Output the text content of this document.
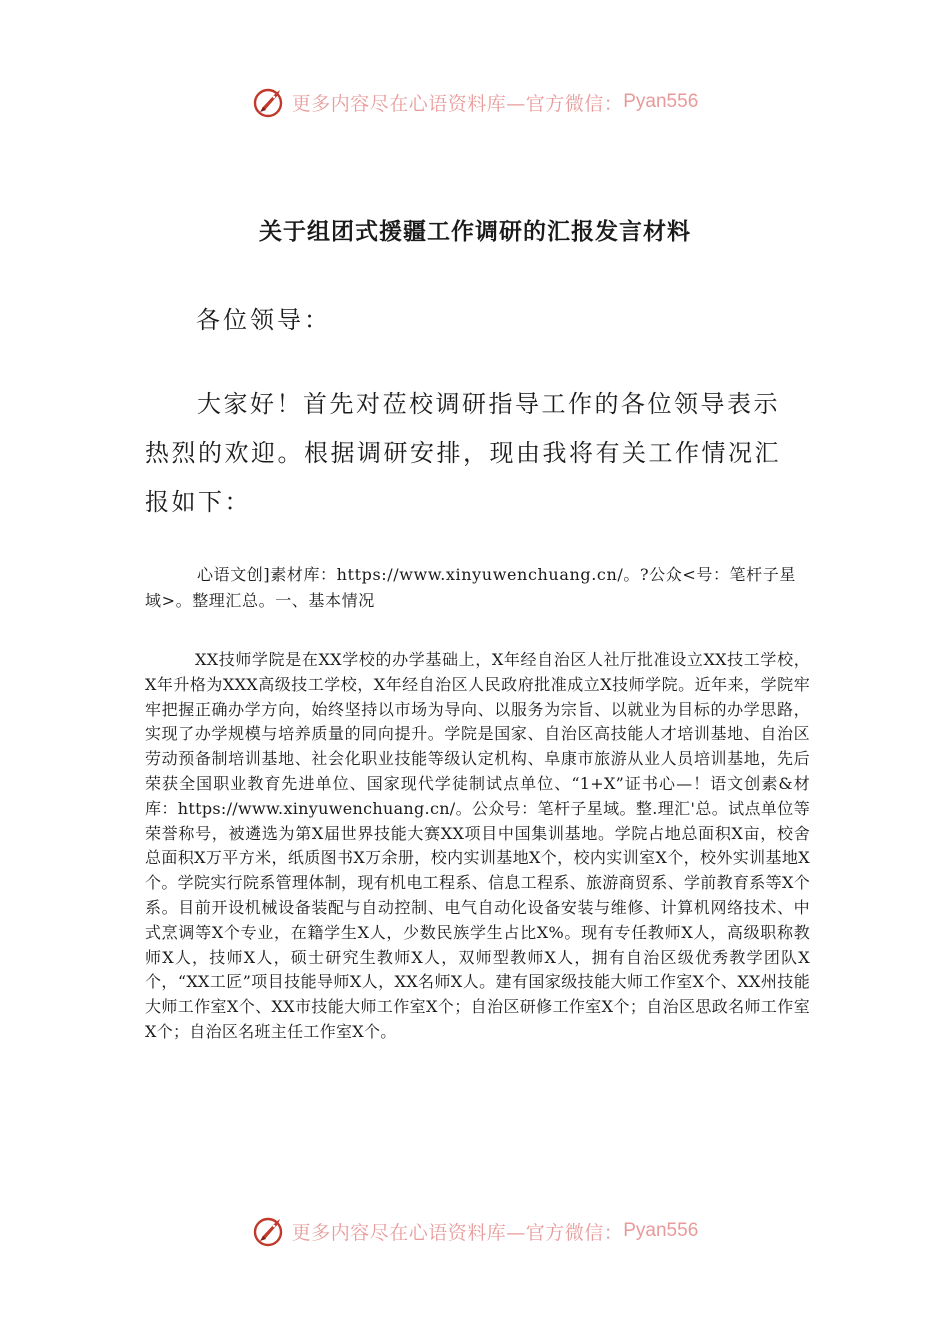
更多内容尽在心语资料库—官方微信： Pyan556
关于组团式援疆工作调研的汇报发言材料
各位领导：

大家好！首先对莅校调研指导工作的各位领导表示热烈的欢迎。根据调研安排，现由我将有关工作情况汇报如下：

心语文创]素材库：https://www.xinyuwenchuang.cn/。?公众<号：笔杆子星域>。整理汇总。一、基本情况

XX技师学院是在XX学校的办学基础上，X年经自治区人社厅批准设立XX技工学校，X年升格为XXX高级技工学校，X年经自治区人民政府批准成立X技师学院。近年来，学院牢牢把握正确办学方向，始终坚持以市场为导向、以服务为宗旨、以就业为目标的办学思路，实现了办学规模与培养质量的同向提升。学院是国家、自治区高技能人才培训基地、自治区劳动预备制培训基地、社会化职业技能等级认定机构、阜康市旅游从业人员培训基地，先后荣获全国职业教育先进单位、国家现代学徒制试点单位、“1+X”证书心—！语文创素&材库：https://www.xinyuwenchuang.cn/。公众号：笔杆子星域。整.理汇'总。试点单位等荣誉称号，被遴选为第X届世界技能大赛XX项目中国集训基地。学院占地总面积X亩，校舍总面积X万平方米，纸质图书X万余册，校内实训基地X个，校内实训室X个，校外实训基地X个。学院实行院系管理体制，现有机电工程系、信息工程系、旅游商贸系、学前教育系等X个系。目前开设机械设备装配与自动控制、电气自动化设备安装与维修、计算机网络技术、中式烹调等X个专业，在籍学生X人，少数民族学生占比X%。现有专任教师X人，高级职称教师X人，技师X人，硕士研究生教师X人，双师型教师X人，拥有自治区级优秀教学团队X个，“XX工匠”项目技能导师X人，XX名师X人。建有国家级技能大师工作室X个、XX州技能大师工作室X个、XX市技能大师工作室X个；自治区研修工作室X个；自治区思政名师工作室X个；自治区名班主任工作室X个。

更多内容尽在心语资料库—官方微信： Pyan556
